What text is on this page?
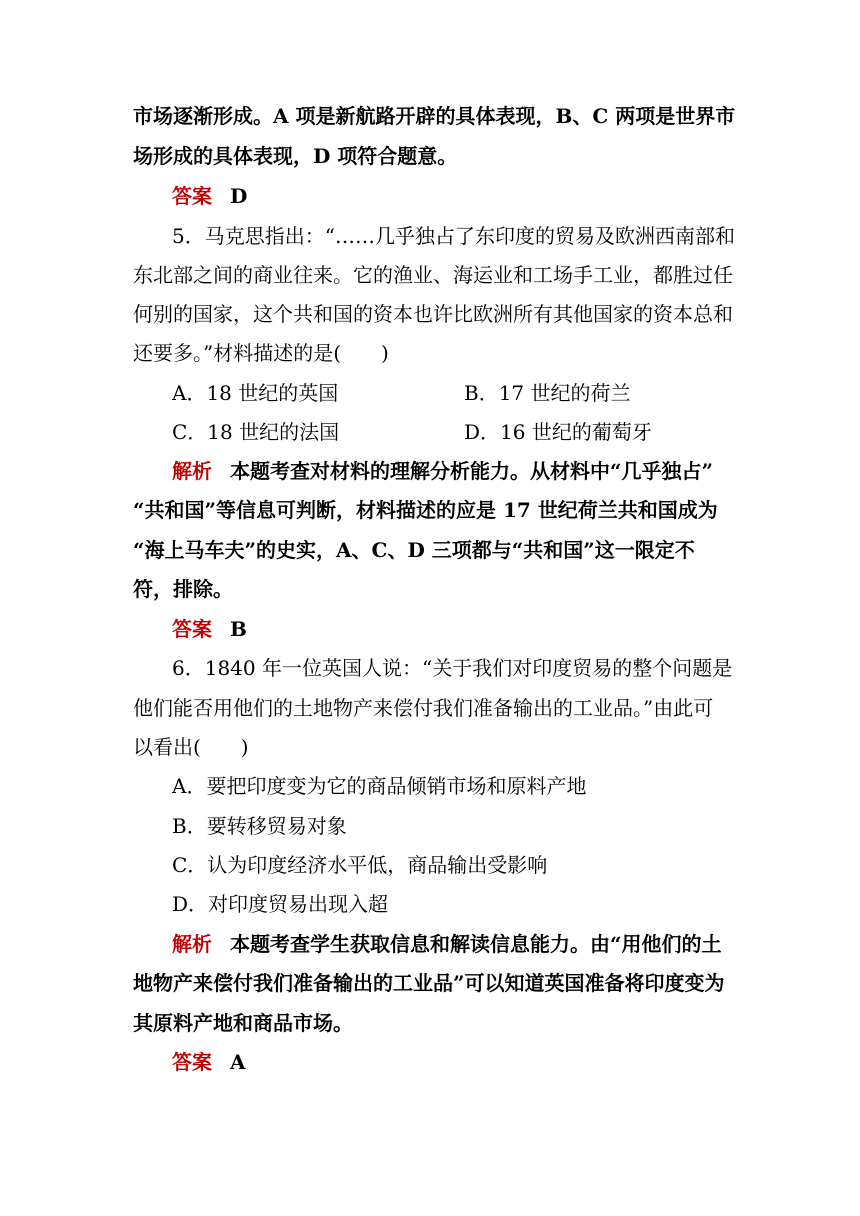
市场逐渐形成。A 项是新航路开辟的具体表现，B、C 两项是世界市
场形成的具体表现，D 项符合题意。
答案 D
5．马克思指出：“……几乎独占了东印度的贸易及欧洲西南部和
东北部之间的商业往来。它的渔业、海运业和工场手工业，都胜过任
何别的国家，这个共和国的资本也许比欧洲所有其他国家的资本总和
还要多。”材料描述的是(　　)
A．18 世纪的英国	B．17 世纪的荷兰
C．18 世纪的法国	D．16 世纪的葡萄牙
解析 本题考查对材料的理解分析能力。从材料中“几乎独占”
“共和国”等信息可判断，材料描述的应是 17 世纪荷兰共和国成为
“海上马车夫”的史实，A、C、D 三项都与“共和国”这一限定不
符，排除。
答案 B
6．1840 年一位英国人说：“关于我们对印度贸易的整个问题是
他们能否用他们的土地物产来偿付我们准备输出的工业品。”由此可
以看出(　　)
A．要把印度变为它的商品倾销市场和原料产地
B．要转移贸易对象
C．认为印度经济水平低，商品输出受影响
D．对印度贸易出现入超
解析 本题考查学生获取信息和解读信息能力。由“用他们的土
地物产来偿付我们准备输出的工业品”可以知道英国准备将印度变为
其原料产地和商品市场。
答案 A
